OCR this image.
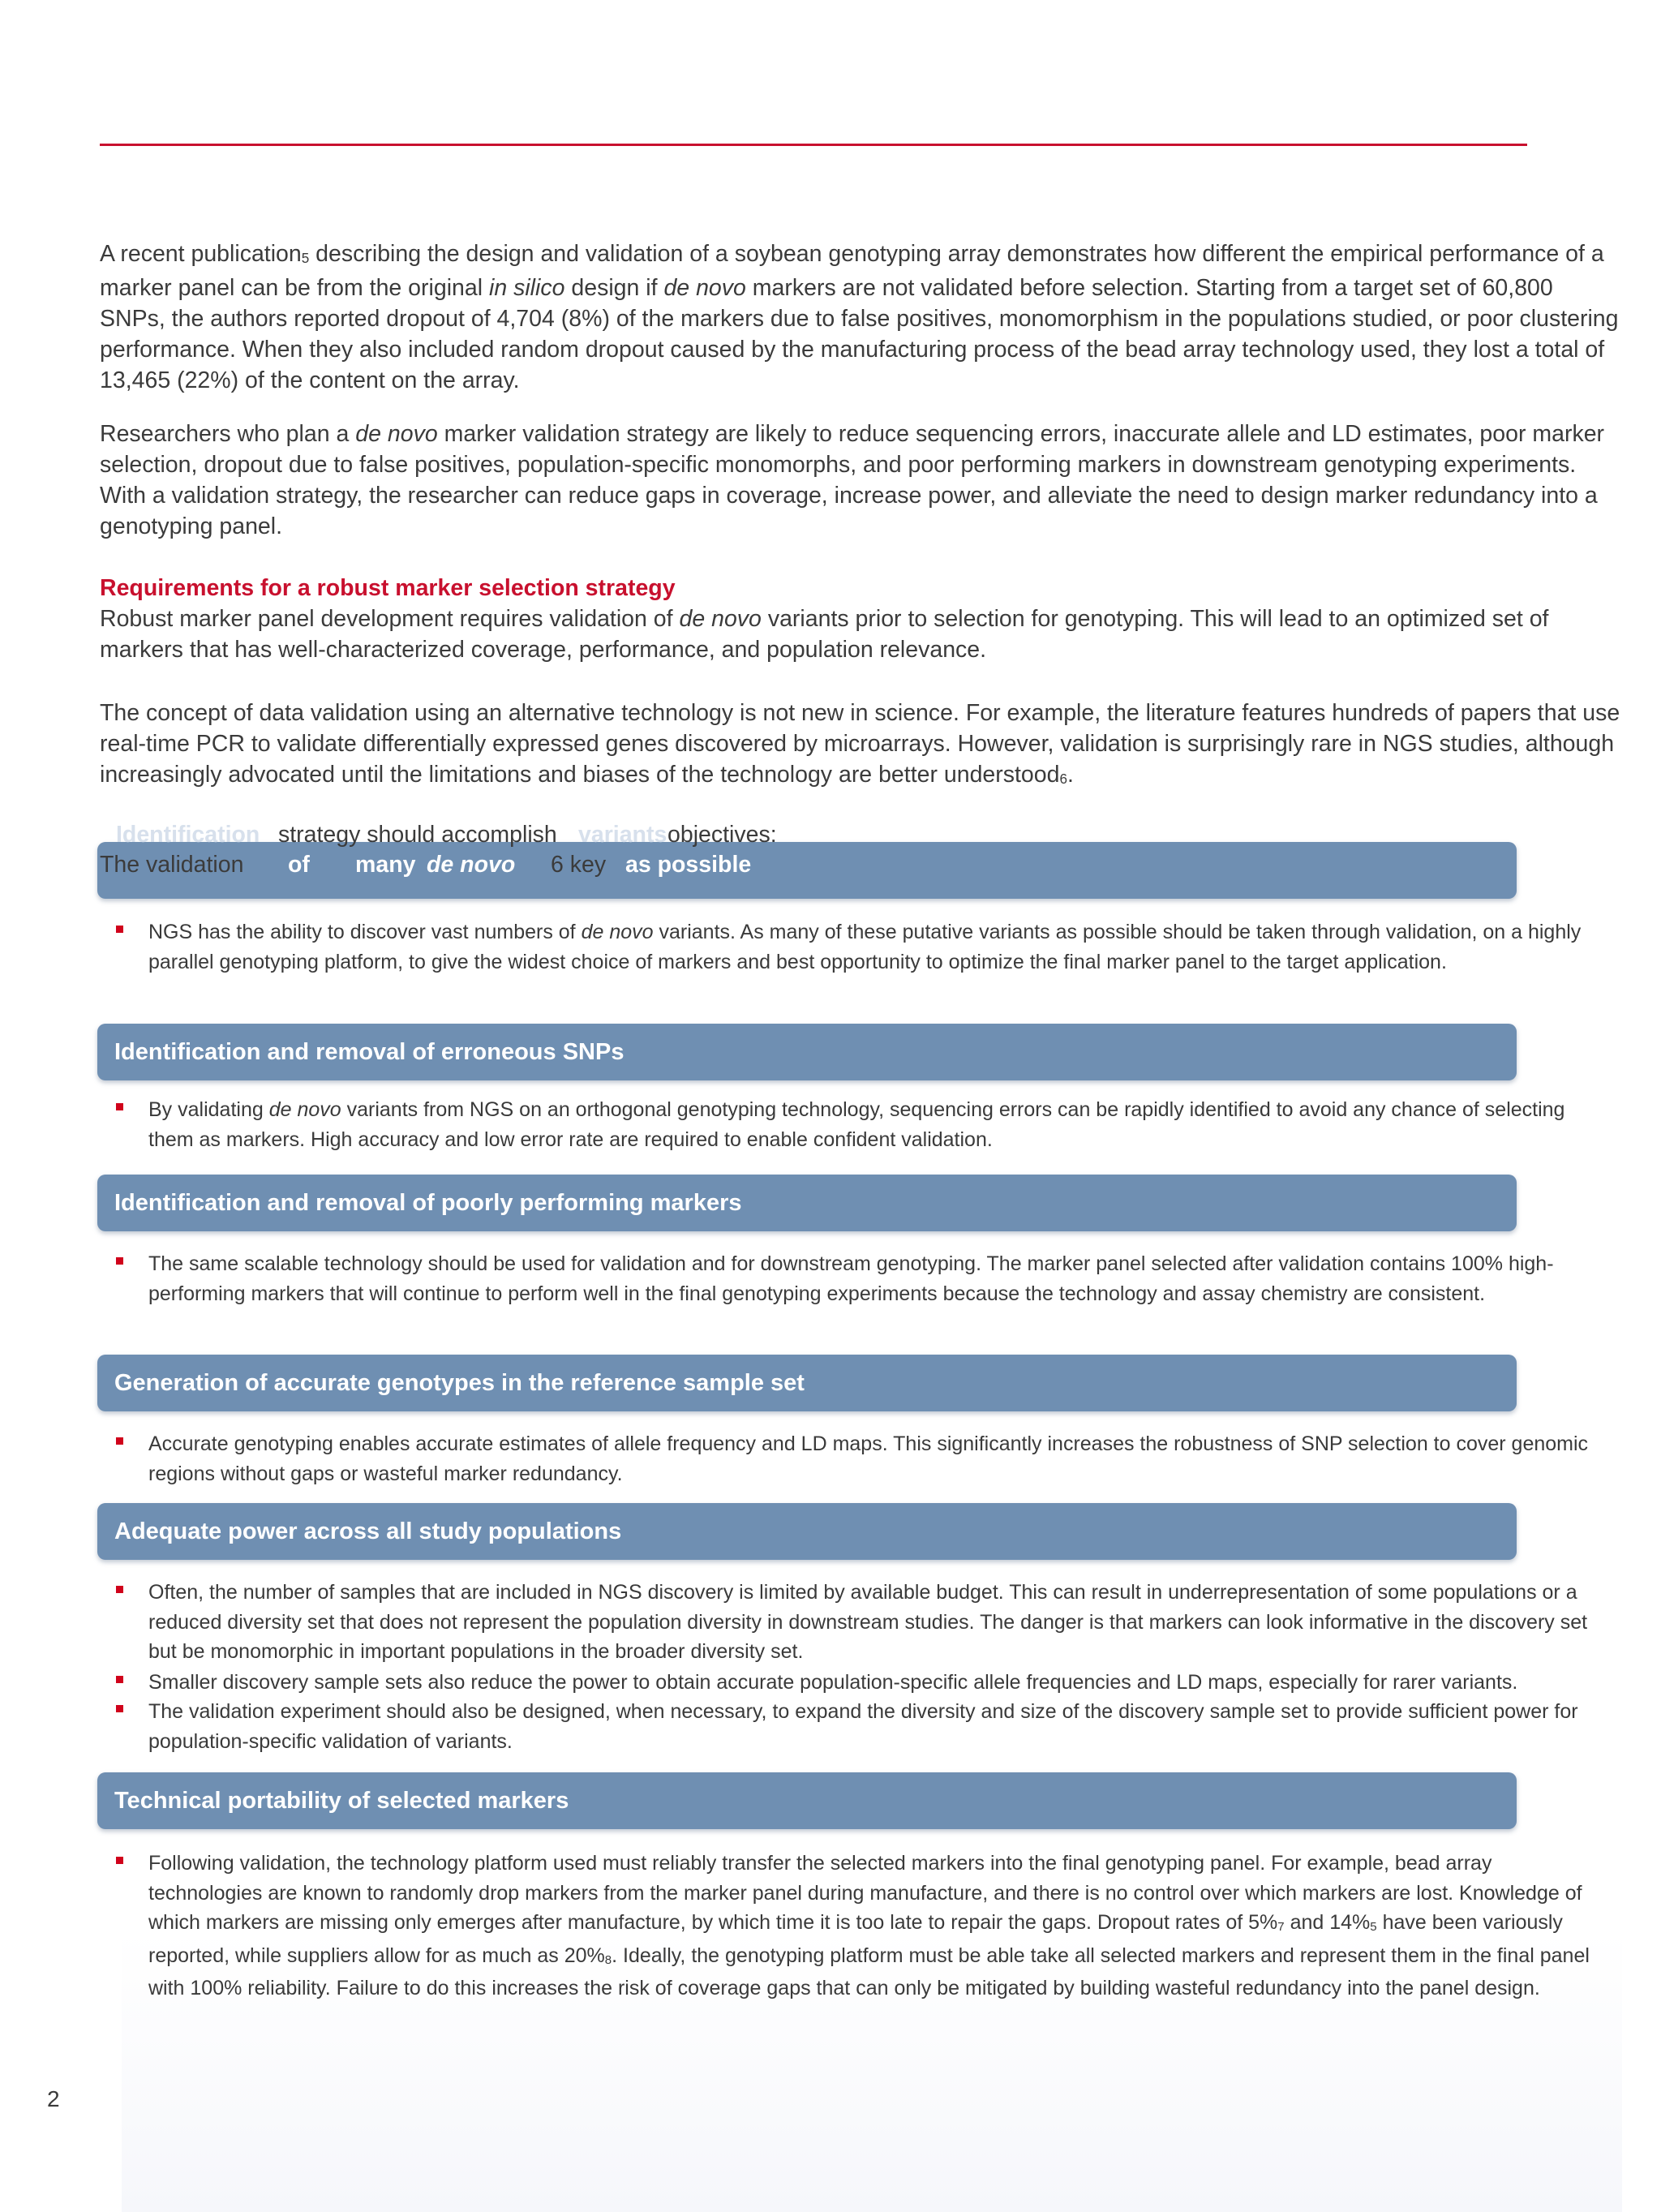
A recent publication$_5$ describing the design and validation of a soybean genotyping array demonstrates how different the empirical performance of a marker panel can be from the original in silico design if de novo markers are not validated before selection. Starting from a target set of 60,800 SNPs, the authors reported dropout of 4,704 (8%) of the markers due to false positives, monomorphism in the populations studied, or poor clustering performance. When they also included random dropout caused by the manufacturing process of the bead array technology used, they lost a total of 13,465 (22%) of the content on the array.

Researchers who plan a de novo marker validation strategy are likely to reduce sequencing errors, inaccurate allele and LD estimates, poor marker selection, dropout due to false positives, population-specific monomorphs, and poor performing markers in downstream genotyping experiments. With a validation strategy, the researcher can reduce gaps in coverage, increase power, and alleviate the need to design marker redundancy into a genotyping panel.

Requirements for a robust marker selection strategy

Robust marker panel development requires validation of de novo variants prior to selection for genotyping. This will lead to an optimized set of markers that has well-characterized coverage, performance, and population relevance.

The concept of data validation using an alternative technology is not new in science. For example, the literature features hundreds of papers that use real-time PCR to validate differentially expressed genes discovered by microarrays. However, validation is surprisingly rare in NGS studies, although increasingly advocated until the limitations and biases of the technology are better understood$_6$.

Identification strategy should accomplish variants objectives:
The validation of many de novo 6 key as possible

NGS has the ability to discover vast numbers of de novo variants. As many of these putative variants as possible should be taken through validation, on a highly parallel genotyping platform, to give the widest choice of markers and best opportunity to optimize the final marker panel to the target application.

Identification and removal of erroneous SNPs

By validating de novo variants from NGS on an orthogonal genotyping technology, sequencing errors can be rapidly identified to avoid any chance of selecting them as markers. High accuracy and low error rate are required to enable confident validation.

Identification and removal of poorly performing markers

The same scalable technology should be used for validation and for downstream genotyping. The marker panel selected after validation contains 100% high-performing markers that will continue to perform well in the final genotyping experiments because the technology and assay chemistry are consistent.

Generation of accurate genotypes in the reference sample set

Accurate genotyping enables accurate estimates of allele frequency and LD maps. This significantly increases the robustness of SNP selection to cover genomic regions without gaps or wasteful marker redundancy.

Adequate power across all study populations

Often, the number of samples that are included in NGS discovery is limited by available budget. This can result in underrepresentation of some populations or a reduced diversity set that does not represent the population diversity in downstream studies. The danger is that markers can look informative in the discovery set but be monomorphic in important populations in the broader diversity set.

Smaller discovery sample sets also reduce the power to obtain accurate population-specific allele frequencies and LD maps, especially for rarer variants.

The validation experiment should also be designed, when necessary, to expand the diversity and size of the discovery sample set to provide sufficient power for population-specific validation of variants.

Technical portability of selected markers

Following validation, the technology platform used must reliably transfer the selected markers into the final genotyping panel. For example, bead array technologies are known to randomly drop markers from the marker panel during manufacture, and there is no control over which markers are lost. Knowledge of which markers are missing only emerges after manufacture, by which time it is too late to repair the gaps. Dropout rates of $5\%_7$ and $14\%_5$ have been variously reported, while suppliers allow for as much as $20\%_8$. Ideally, the genotyping platform must be able take all selected markers and represent them in the final panel with 100% reliability. Failure to do this increases the risk of coverage gaps that can only be mitigated by building wasteful redundancy into the panel design.

2
